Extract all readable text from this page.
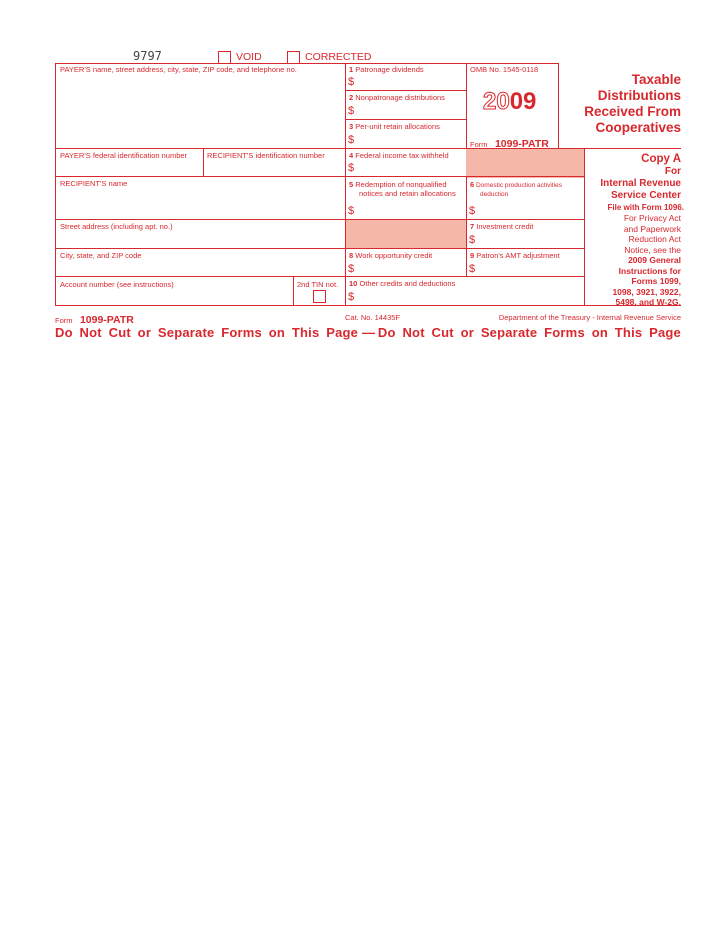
9797	VOID	CORRECTED
PAYER'S name, street address, city, state, ZIP code, and telephone no.
PAYER'S federal identification number	RECIPIENT'S identification number
RECIPIENT'S name
Street address (including apt. no.)
City, state, and ZIP code
Account number (see instructions)	2nd TIN not.
1 Patronage dividends
$
2 Nonpatronage distributions
$
3 Per-unit retain allocations
$
OMB No. 1545-0118
2009
Form 1099-PATR
Taxable
Distributions
Received From
Cooperatives
4 Federal income tax withheld
$
5 Redemption of nonqualified
notices and retain allocations
$
6 Domestic production activities
deduction
$
7 Investment credit
$
8 Work opportunity credit
$
9 Patron's AMT adjustment
$
10 Other credits and deductions
$
Copy A
For
Internal Revenue
Service Center
File with Form 1096.
For Privacy Act
and Paperwork
Reduction Act
Notice, see the
2009 General
Instructions for
Forms 1099,
1098, 3921, 3922,
5498, and W-2G.
Form 1099-PATR	Cat. No. 14435F	Department of the Treasury - Internal Revenue Service
Do Not Cut or Separate Forms on This Page — Do Not Cut or Separate Forms on This Page
